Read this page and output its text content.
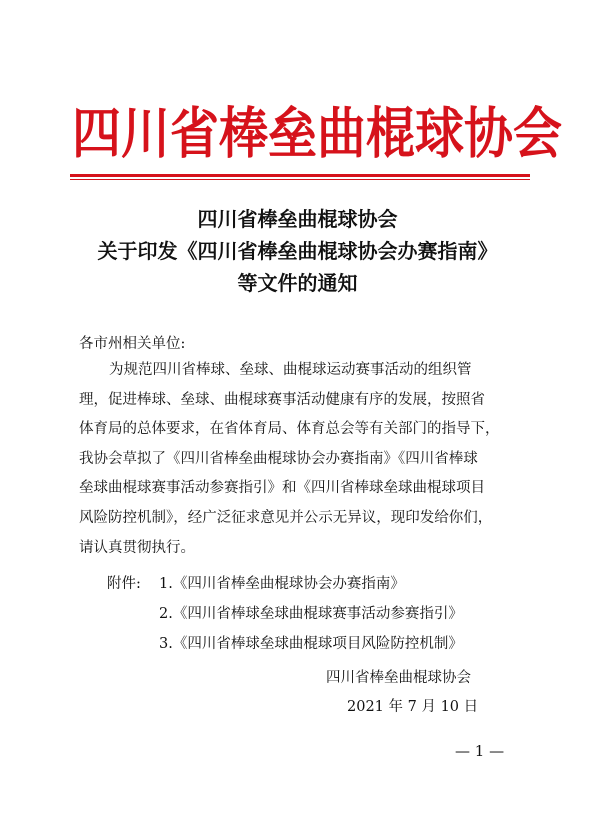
四川省棒垒曲棍球协会
四川省棒垒曲棍球协会
关于印发《四川省棒垒曲棍球协会办赛指南》
等文件的通知
各市州相关单位:
为规范四川省棒球、垒球、曲棍球运动赛事活动的组织管
理，促进棒球、垒球、曲棍球赛事活动健康有序的发展，按照省
体育局的总体要求，在省体育局、体育总会等有关部门的指导下，
我协会草拟了《四川省棒垒曲棍球协会办赛指南》《四川省棒球
垒球曲棍球赛事活动参赛指引》和《四川省棒球垒球曲棍球项目
风险防控机制》，经广泛征求意见并公示无异议，现印发给你们，
请认真贯彻执行。
附件: 1.《四川省棒垒曲棍球协会办赛指南》
2.《四川省棒球垒球曲棍球赛事活动参赛指引》
3.《四川省棒球垒球曲棍球项目风险防控机制》
四川省棒垒曲棍球协会
2021 年 7 月 10 日
— 1 —
